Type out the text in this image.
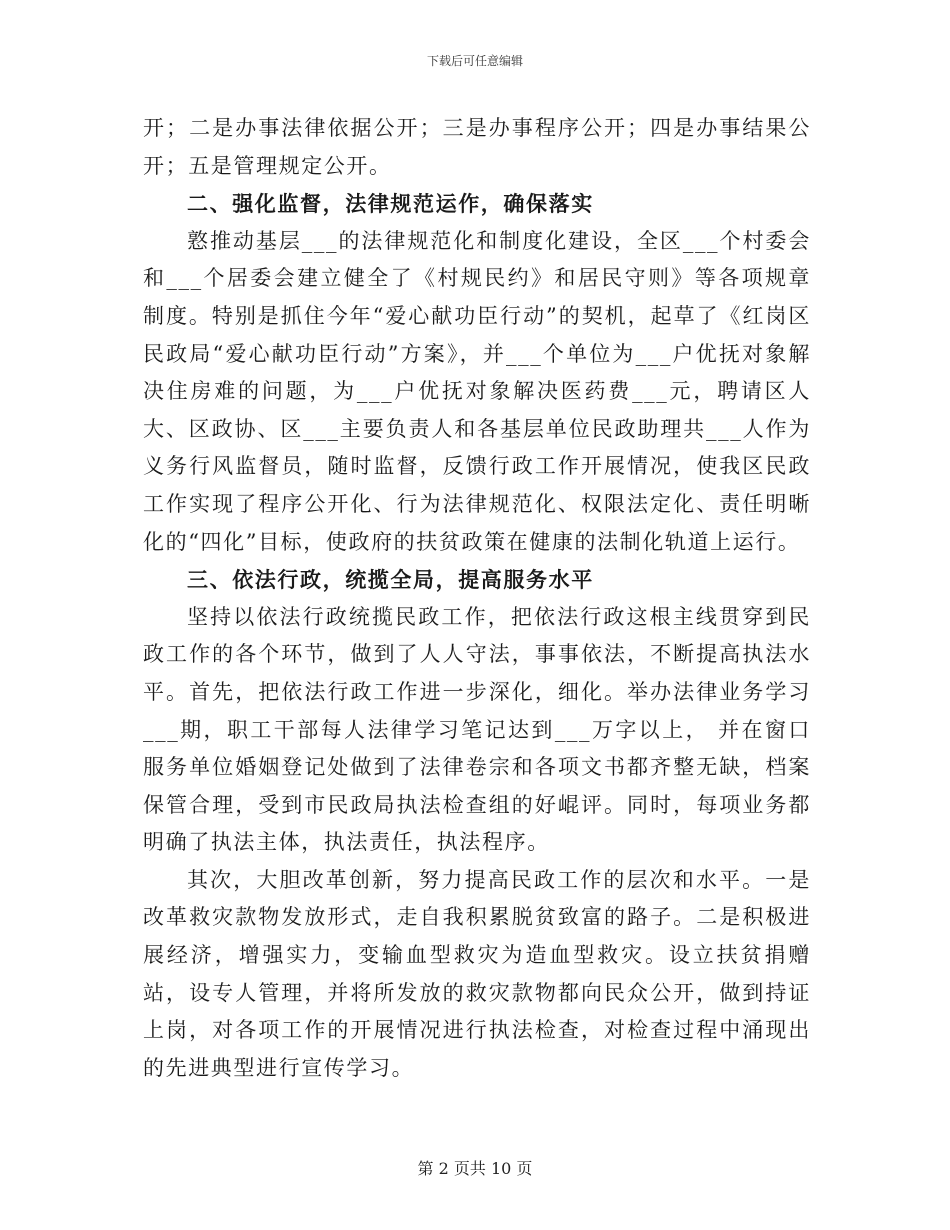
下载后可任意编辑

开；二是办事法律依据公开；三是办事程序公开；四是办事结果公开；五是管理规定公开。

二、强化监督，法律规范运作，确保落实

憝推动基层___的法律规范化和制度化建设，全区___个村委会和___个居委会建立健全了《村规民约》和居民守则》等各项规章制度。特别是抓住今年“爱心献功臣行动”的契机，起草了《红岗区民政局“爱心献功臣行动”方案》，并___个单位为___户优抚对象解决住房难的问题，为___户优抚对象解决医药费___元，聘请区人大、区政协、区___主要负责人和各基层单位民政助理共___人作为义务行风监督员，随时监督，反馈行政工作开展情况，使我区民政工作实现了程序公开化、行为法律规范化、权限法定化、责任明晰化的“四化”目标，使政府的扶贫政策在健康的法制化轨道上运行。

三、依法行政，统揽全局，提高服务水平

坚持以依法行政统揽民政工作，把依法行政这根主线贯穿到民政工作的各个环节，做到了人人守法，事事依法，不断提高执法水平。首先，把依法行政工作进一步深化，细化。举办法律业务学习___期，职工干部每人法律学习笔记达到___万字以上， 并在窗口服务单位婚姻登记处做到了法律卷宗和各项文书都齐整无缺，档案保管合理，受到市民政局执法检查组的好崐评。同时，每项业务都明确了执法主体，执法责任，执法程序。

其次，大胆改革创新，努力提高民政工作的层次和水平。一是改革救灾款物发放形式，走自我积累脱贫致富的路子。二是积极进展经济，增强实力，变输血型救灾为造血型救灾。设立扶贫捐赠站，设专人管理，并将所发放的救灾款物都向民众公开，做到持证上岗，对各项工作的开展情况进行执法检查，对检查过程中涌现出的先进典型进行宣传学习。

第 2 页共 10 页
